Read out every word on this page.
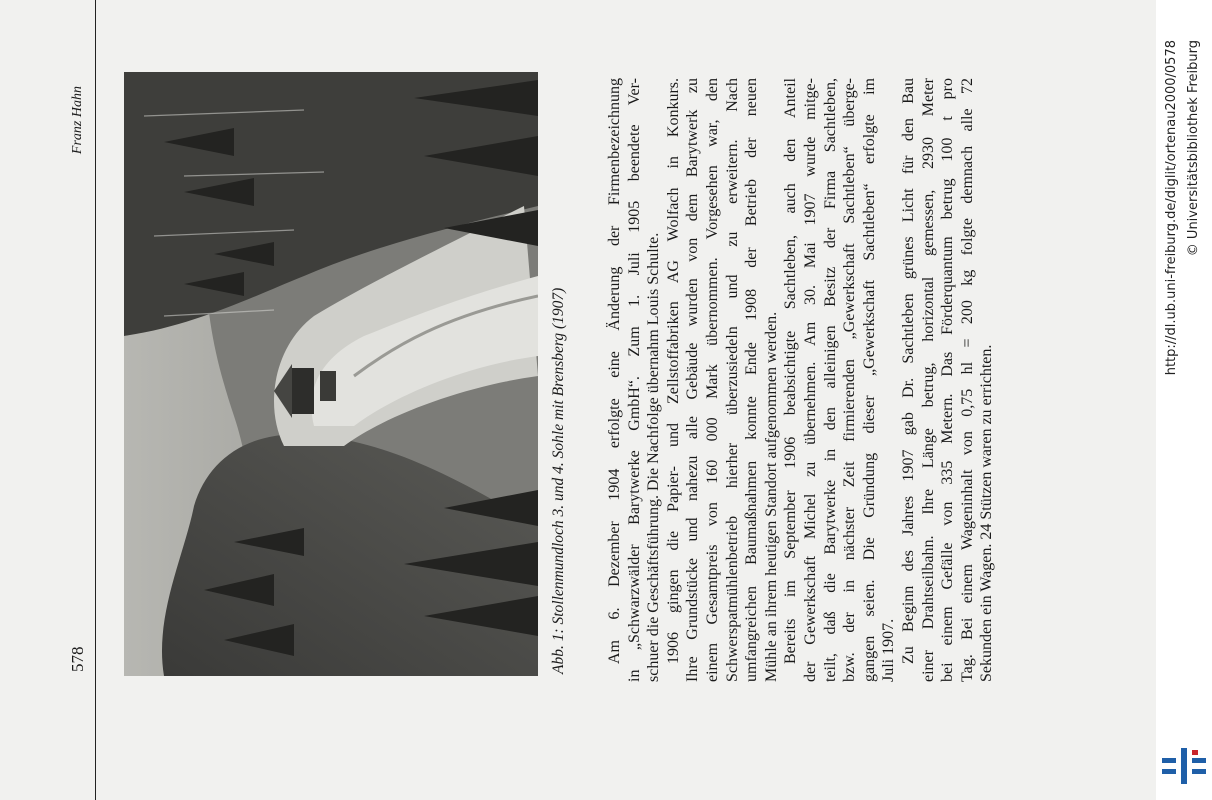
578
Franz Hahn
Abb. 1: Stollenmundloch 3. und 4. Sohle mit Brensberg (1907) Am 6. Dezember 1904 erfolgte eine Änderung der Firmenbezeichnung in „Schwarzwälder Barytwerke GmbH“. Zum 1. Juli 1905 beendete Ver- schuer die Geschäftsführung. Die Nachfolge übernahm Louis Schulte. 1906 gingen die Papier- und Zellstoffabriken AG Wolfach in Konkurs. Ihre Grundstücke und nahezu alle Gebäude wurden von dem Barytwerk zu einem Gesamtpreis von 160 000 Mark übernommen. Vorgesehen war, den Schwerspatmühlenbetrieb hierher überzusiedeln und zu erweitern. Nach umfangreichen Baumaßnahmen konnte Ende 1908 der Betrieb der neuen Mühle an ihrem heutigen Standort aufgenommen werden. Bereits im September 1906 beabsichtigte Sachtleben, auch den Anteil der Gewerkschaft Michel zu übernehmen. Am 30. Mai 1907 wurde mitge- teilt, daß die Barytwerke in den alleinigen Besitz der Firma Sachtleben, bzw. der in nächster Zeit firmierenden „Gewerkschaft Sachtleben“ überge- gangen seien. Die Gründung dieser „Gewerkschaft Sachtleben“ erfolgte im Juli 1907. Zu Beginn des Jahres 1907 gab Dr. Sachtleben grünes Licht für den Bau einer Drahtseilbahn. Ihre Länge betrug, horizontal gemessen, 2930 Meter bei einem Gefälle von 335 Metern. Das Förderquantum betrug 100 t pro Tag. Bei einem Wageninhalt von 0,75 hl = 200 kg folgte demnach alle 72 Sekunden ein Wagen. 24 Stützen waren zu errichten.
http://dl.ub.uni-freiburg.de/diglit/ortenau2000/0578 © Universitätsbibliothek Freiburg
